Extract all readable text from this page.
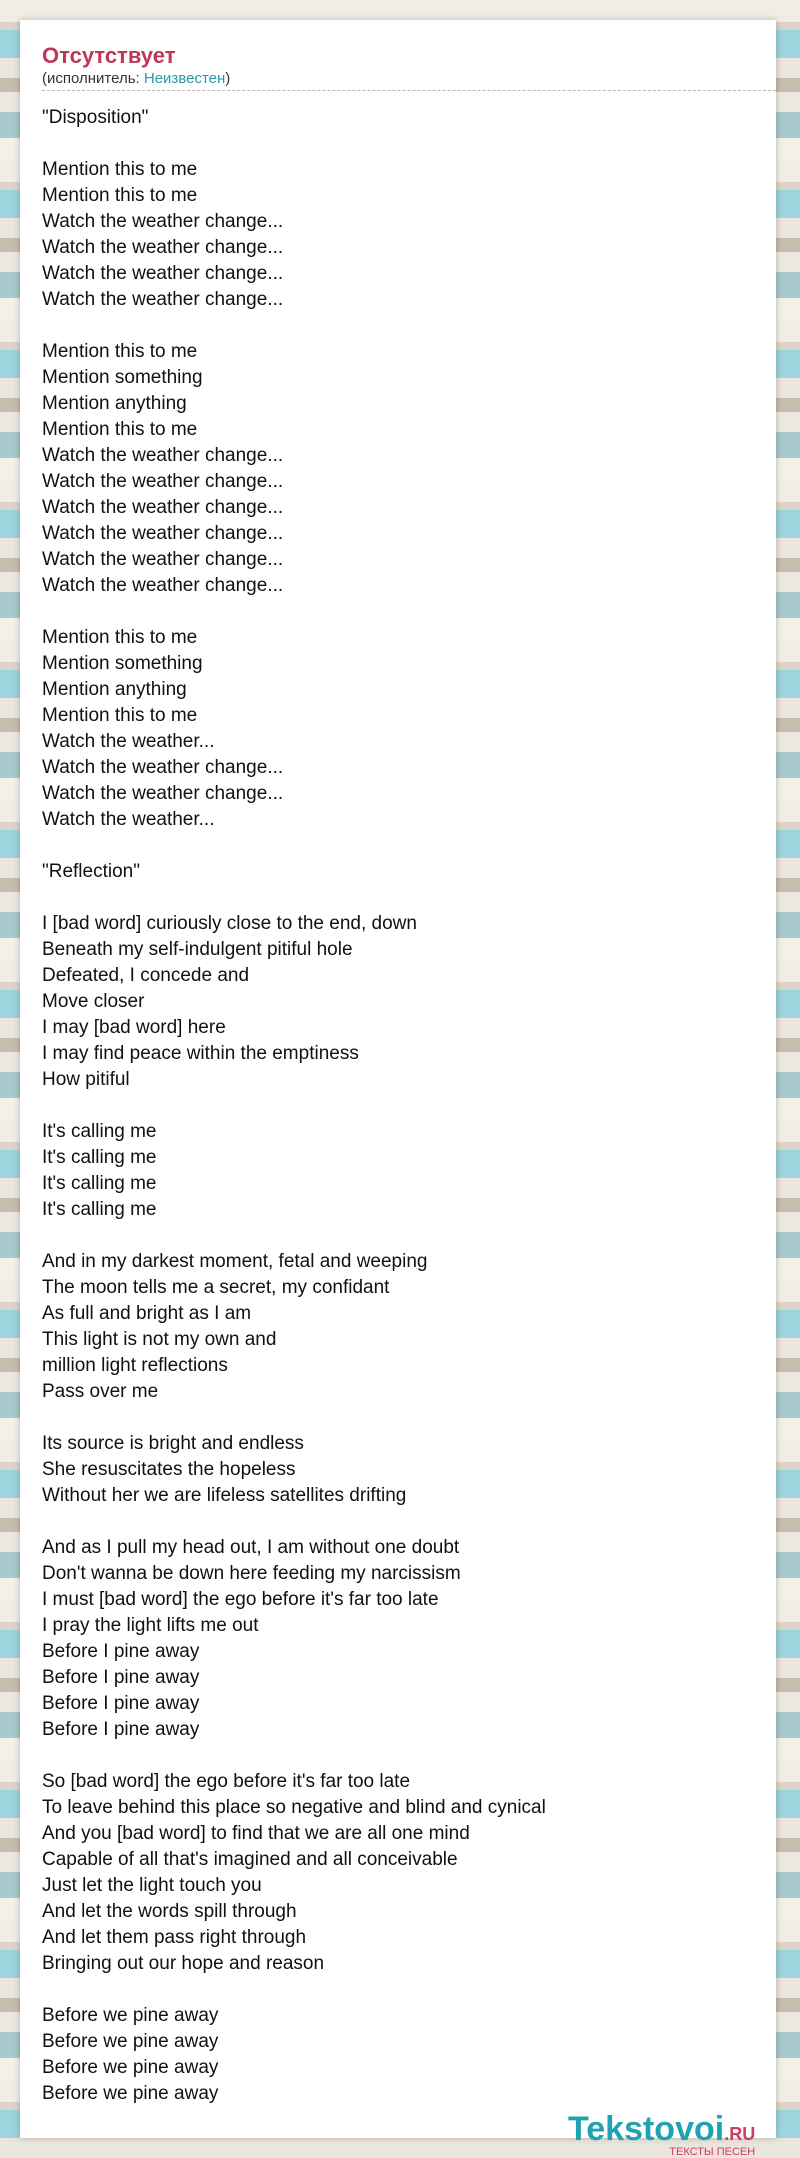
Отсутствует
(исполнитель: Неизвестен)
"Disposition"
Mention this to me
Mention this to me
Watch the weather change...
Watch the weather change...
Watch the weather change...
Watch the weather change...
Mention this to me
Mention something
Mention anything
Mention this to me
Watch the weather change...
Watch the weather change...
Watch the weather change...
Watch the weather change...
Watch the weather change...
Watch the weather change...
Mention this to me
Mention something
Mention anything
Mention this to me
Watch the weather...
Watch the weather change...
Watch the weather change...
Watch the weather...
"Reflection"
I [bad word] curiously close to the end, down
Beneath my self-indulgent pitiful hole
Defeated, I concede and
Move closer
I may [bad word] here
I may find peace within the emptiness
How pitiful
It's calling me
It's calling me
It's calling me
It's calling me
And in my darkest moment, fetal and weeping
The moon tells me a secret, my confidant
As full and bright as I am
This light is not my own and
million light reflections
Pass over me
Its source is bright and endless
She resuscitates the hopeless
Without her we are lifeless satellites drifting
And as I pull my head out, I am without one doubt
Don't wanna be down here feeding my narcissism
I must [bad word] the ego before it's far too late
I pray the light lifts me out
Before I pine away
Before I pine away
Before I pine away
Before I pine away
So [bad word] the ego before it's far too late
To leave behind this place so negative and blind and cynical
And you [bad word] to find that we are all one mind
Capable of all that's imagined and all conceivable
Just let the light touch you
And let the words spill through
And let them pass right through
Bringing out our hope and reason
Before we pine away
Before we pine away
Before we pine away
Before we pine away
Tekstovoi.RU
ТЕКСТЫ ПЕСЕН
